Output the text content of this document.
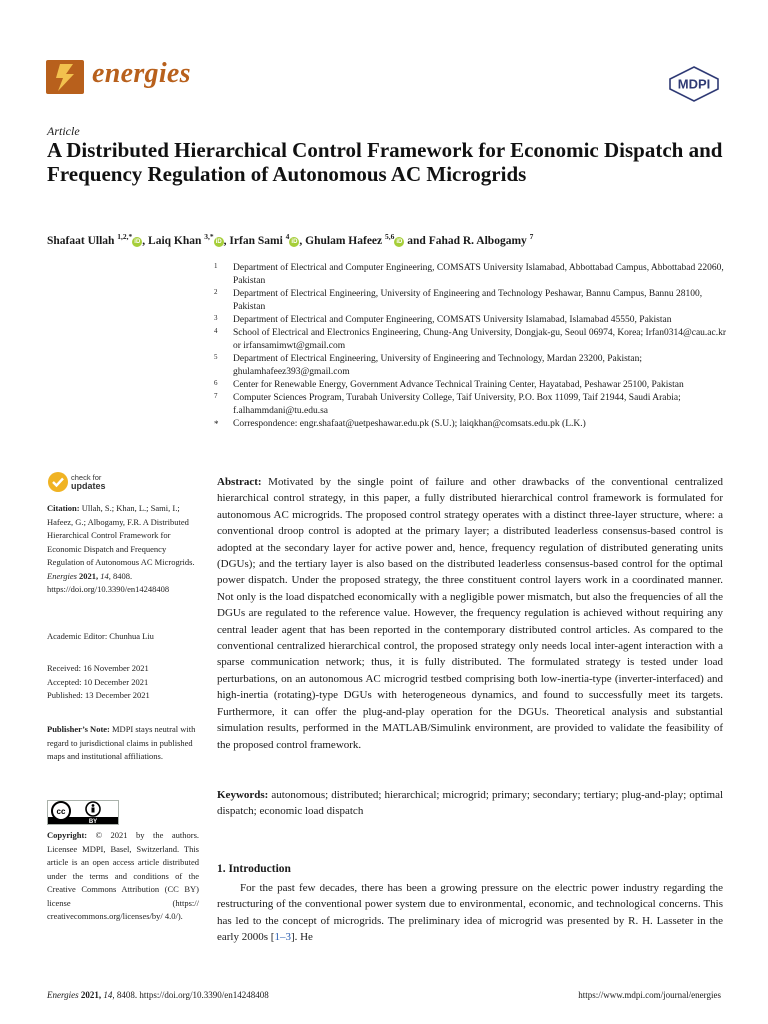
energies	MDPI
Article
A Distributed Hierarchical Control Framework for Economic Dispatch and Frequency Regulation of Autonomous AC Microgrids
Shafaat Ullah $^{1,2,*}$iD , Laiq Khan $^{3,*}$iD , Irfan Sami $^4$iD , Ghulam Hafeez $^{5,6}$iD and Fahad R. Albogamy $^7$
1 Department of Electrical and Computer Engineering, COMSATS University Islamabad, Abbottabad Campus, Abbottabad 22060, Pakistan
2 Department of Electrical Engineering, University of Engineering and Technology Peshawar, Bannu Campus, Bannu 28100, Pakistan
3 Department of Electrical and Computer Engineering, COMSATS University Islamabad, Islamabad 45550, Pakistan
4 School of Electrical and Electronics Engineering, Chung-Ang University, Dongjak-gu, Seoul 06974, Korea; Irfan0314@cau.ac.kr or irfansamimwt@gmail.com
5 Department of Electrical Engineering, University of Engineering and Technology, Mardan 23200, Pakistan; ghulamhafeez393@gmail.com
6 Center for Renewable Energy, Government Advance Technical Training Center, Hayatabad, Peshawar 25100, Pakistan
7 Computer Sciences Program, Turabah University College, Taif University, P.O. Box 11099, Taif 21944, Saudi Arabia; f.alhammdani@tu.edu.sa
* Correspondence: engr.shafaat@uetpeshawar.edu.pk (S.U.); laiqkhan@comsats.edu.pk (L.K.)
check for
updates
Citation: Ullah, S.; Khan, L.; Sami, I.; Hafeez, G.; Albogamy, F.R. A Distributed Hierarchical Control Framework for Economic Dispatch and Frequency Regulation of Autonomous AC Microgrids. Energies 2021, 14, 8408. https://doi.org/10.3390/en14248408
Academic Editor: Chunhua Liu
Received: 16 November 2021
Accepted: 10 December 2021
Published: 13 December 2021
Publisher’s Note: MDPI stays neutral with regard to jurisdictional claims in published maps and institutional affiliations.
cc
BY
Copyright: © 2021 by the authors. Licensee MDPI, Basel, Switzerland. This article is an open access article distributed under the terms and conditions of the Creative Commons Attribution (CC BY) license (https:// creativecommons.org/licenses/by/ 4.0/).
Abstract: Motivated by the single point of failure and other drawbacks of the conventional centralized hierarchical control strategy, in this paper, a fully distributed hierarchical control framework is formulated for autonomous AC microgrids. The proposed control strategy operates with a distinct three-layer structure, where: a conventional droop control is adopted at the primary layer; a distributed leaderless consensus-based control is adopted at the secondary layer for active power and, hence, frequency regulation of distributed generating units (DGUs); and the tertiary layer is also based on the distributed leaderless consensus-based control for the optimal power dispatch. Under the proposed strategy, the three constituent control layers work in a coordinated manner. Not only is the load dispatched economically with a negligible power mismatch, but also the frequencies of all the DGUs are regulated to the reference value. However, the frequency regulation is achieved without requiring any central leader agent that has been reported in the contemporary distributed control articles. As compared to the conventional centralized hierarchical control, the proposed strategy only needs local inter-agent interaction with a sparse communication network; thus, it is fully distributed. The formulated strategy is tested under load perturbations, on an autonomous AC microgrid testbed comprising both low-inertia-type (inverter-interfaced) and high-inertia (rotating)-type DGUs with heterogeneous dynamics, and found to successfully meet its targets. Furthermore, it can offer the plug-and-play operation for the DGUs. Theoretical analysis and substantial simulation results, performed in the MATLAB/Simulink environment, are provided to validate the feasibility of the proposed control framework.
Keywords: autonomous; distributed; hierarchical; microgrid; primary; secondary; tertiary; plug-and-play; optimal dispatch; economic load dispatch
1. Introduction
For the past few decades, there has been a growing pressure on the electric power industry regarding the restructuring of the conventional power system due to environmental, economic, and technological concerns. This has led to the concept of microgrids. The preliminary idea of microgrid was presented by R. H. Lasseter in the early 2000s [1–3]. He
Energies 2021, 14, 8408. https://doi.org/10.3390/en14248408	https://www.mdpi.com/journal/energies
